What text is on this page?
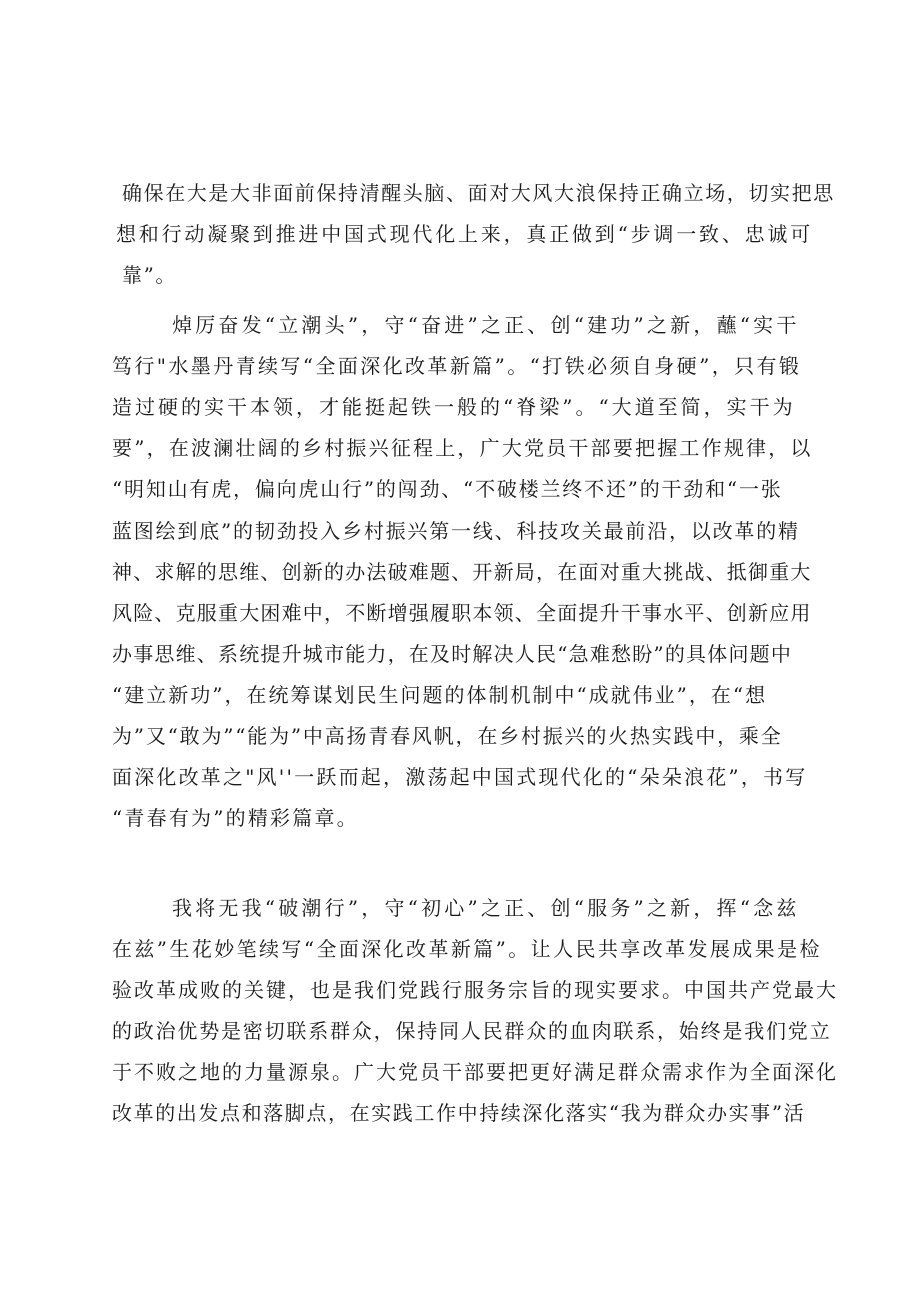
确保在大是大非面前保持清醒头脑、面对大风大浪保持正确立场，切实把思
想和行动凝聚到推进中国式现代化上来，真正做到“步调一致、忠诚可
靠”。
焯厉奋发“立潮头”，守“奋进”之正、创“建功”之新，蘸“实干
笃行"水墨丹青续写“全面深化改革新篇”。“打铁必须自身硬”，只有锻
造过硬的实干本领，才能挺起铁一般的“脊梁”。“大道至简，实干为
要”，在波澜壮阔的乡村振兴征程上，广大党员干部要把握工作规律，以
“明知山有虎，偏向虎山行”的闯劲、“不破楼兰终不还”的干劲和“一张
蓝图绘到底”的韧劲投入乡村振兴第一线、科技攻关最前沿，以改革的精
神、求解的思维、创新的办法破难题、开新局，在面对重大挑战、抵御重大
风险、克服重大困难中，不断增强履职本领、全面提升干事水平、创新应用
办事思维、系统提升城市能力，在及时解决人民“急难愁盼”的具体问题中
“建立新功”，在统筹谋划民生问题的体制机制中“成就伟业”，在“想
为”又“敢为”“能为”中高扬青春风帆，在乡村振兴的火热实践中，乘全
面深化改革之"风''一跃而起，激荡起中国式现代化的“朵朵浪花”，书写
“青春有为”的精彩篇章。
我将无我“破潮行”，守“初心”之正、创“服务”之新，挥“念兹
在兹”生花妙笔续写“全面深化改革新篇”。让人民共享改革发展成果是检
验改革成败的关键，也是我们党践行服务宗旨的现实要求。中国共产党最大
的政治优势是密切联系群众，保持同人民群众的血肉联系，始终是我们党立
于不败之地的力量源泉。广大党员干部要把更好满足群众需求作为全面深化
改革的出发点和落脚点，在实践工作中持续深化落实“我为群众办实事”活
